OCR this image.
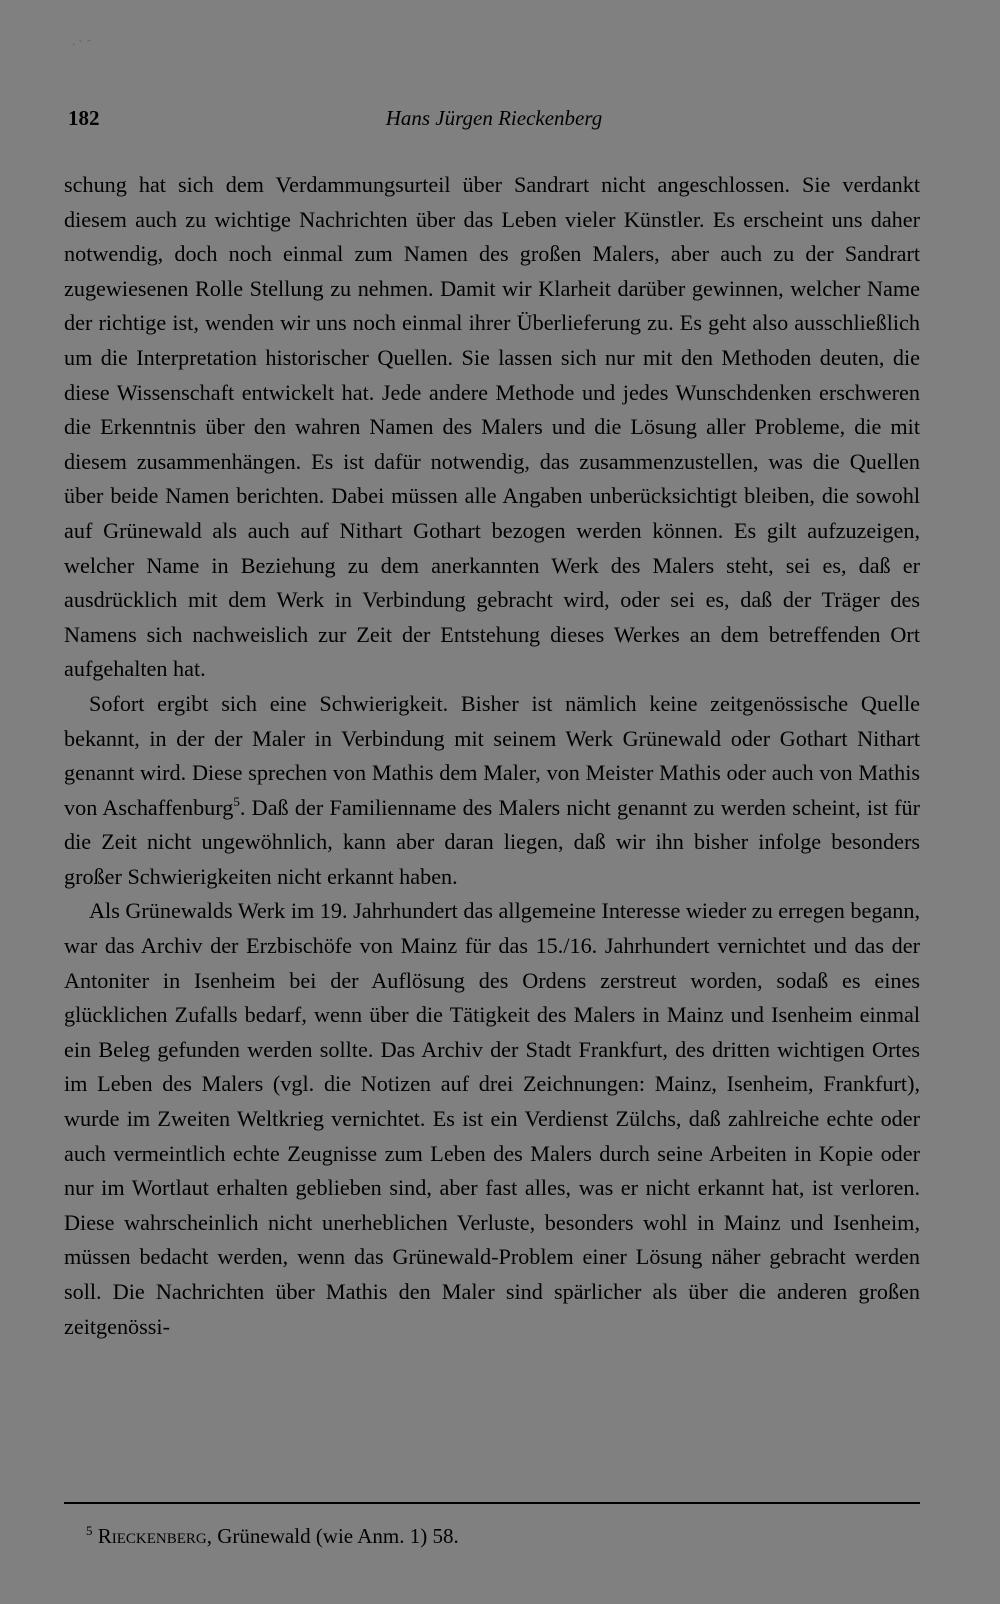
· ˋ ˉ
182	Hans Jürgen Rieckenberg

schung hat sich dem Verdammungsurteil über Sandrart nicht angeschlossen. Sie verdankt diesem auch zu wichtige Nachrichten über das Leben vieler Künstler. Es erscheint uns daher notwendig, doch noch einmal zum Namen des großen Malers, aber auch zu der Sandrart zugewiesenen Rolle Stellung zu nehmen. Damit wir Klarheit darüber gewinnen, welcher Name der richtige ist, wenden wir uns noch einmal ihrer Überlieferung zu. Es geht also ausschließlich um die Interpretation historischer Quellen. Sie lassen sich nur mit den Methoden deuten, die diese Wissenschaft entwickelt hat. Jede andere Methode und jedes Wunschdenken erschweren die Erkenntnis über den wahren Namen des Malers und die Lösung aller Probleme, die mit diesem zusammenhängen. Es ist dafür notwendig, das zusammenzustellen, was die Quellen über beide Namen berichten. Dabei müssen alle Angaben unberücksichtigt bleiben, die sowohl auf Grünewald als auch auf Nithart Gothart bezogen werden können. Es gilt aufzuzeigen, welcher Name in Beziehung zu dem anerkannten Werk des Malers steht, sei es, daß er ausdrücklich mit dem Werk in Verbindung gebracht wird, oder sei es, daß der Träger des Namens sich nachweislich zur Zeit der Entstehung dieses Werkes an dem betreffenden Ort aufgehalten hat.

Sofort ergibt sich eine Schwierigkeit. Bisher ist nämlich keine zeitgenössische Quelle bekannt, in der der Maler in Verbindung mit seinem Werk Grünewald oder Gothart Nithart genannt wird. Diese sprechen von Mathis dem Maler, von Meister Mathis oder auch von Mathis von Aschaffenburg$^5$. Daß der Familienname des Malers nicht genannt zu werden scheint, ist für die Zeit nicht ungewöhnlich, kann aber daran liegen, daß wir ihn bisher infolge besonders großer Schwierigkeiten nicht erkannt haben.

Als Grünewalds Werk im 19. Jahrhundert das allgemeine Interesse wieder zu erregen begann, war das Archiv der Erzbischöfe von Mainz für das 15./16. Jahrhundert vernichtet und das der Antoniter in Isenheim bei der Auflösung des Ordens zerstreut worden, sodaß es eines glücklichen Zufalls bedarf, wenn über die Tätigkeit des Malers in Mainz und Isenheim einmal ein Beleg gefunden werden sollte. Das Archiv der Stadt Frankfurt, des dritten wichtigen Ortes im Leben des Malers (vgl. die Notizen auf drei Zeichnungen: Mainz, Isenheim, Frankfurt), wurde im Zweiten Weltkrieg vernichtet. Es ist ein Verdienst Zülchs, daß zahlreiche echte oder auch vermeintlich echte Zeugnisse zum Leben des Malers durch seine Arbeiten in Kopie oder nur im Wortlaut erhalten geblieben sind, aber fast alles, was er nicht erkannt hat, ist verloren. Diese wahrscheinlich nicht unerheblichen Verluste, besonders wohl in Mainz und Isenheim, müssen bedacht werden, wenn das Grünewald-Problem einer Lösung näher gebracht werden soll. Die Nachrichten über Mathis den Maler sind spärlicher als über die anderen großen zeitgenössi-

$^5$ Rieckenberg, Grünewald (wie Anm. 1) 58.
